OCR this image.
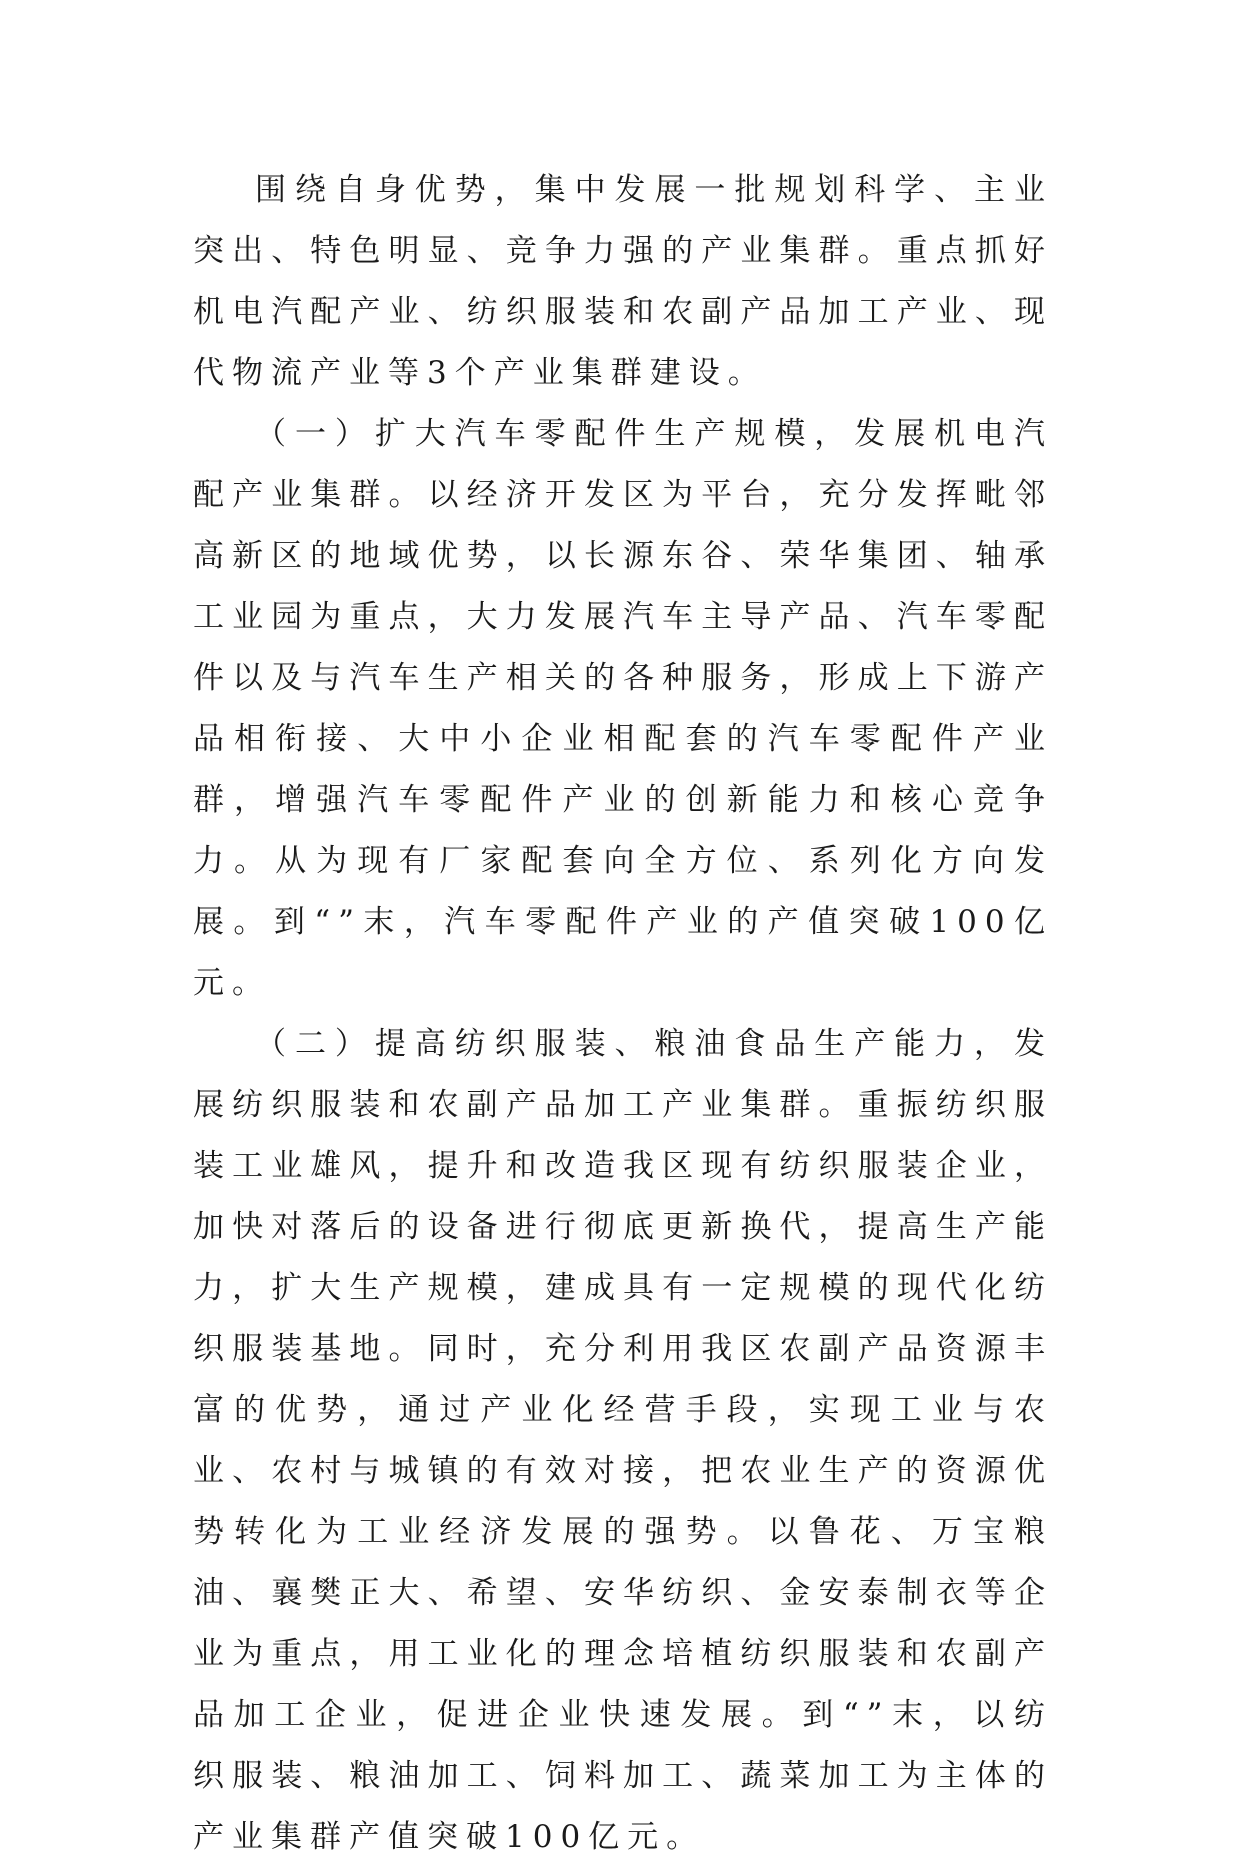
围绕自身优势，集中发展一批规划科学、主业突出、特色明显、竞争力强的产业集群。重点抓好机电汽配产业、纺织服装和农副产品加工产业、现代物流产业等3个产业集群建设。

（一）扩大汽车零配件生产规模，发展机电汽配产业集群。以经济开发区为平台，充分发挥毗邻高新区的地域优势，以长源东谷、荣华集团、轴承工业园为重点，大力发展汽车主导产品、汽车零配件以及与汽车生产相关的各种服务，形成上下游产品相衔接、大中小企业相配套的汽车零配件产业群，增强汽车零配件产业的创新能力和核心竞争力。从为现有厂家配套向全方位、系列化方向发展。到“”末，汽车零配件产业的产值突破100亿元。

（二）提高纺织服装、粮油食品生产能力，发展纺织服装和农副产品加工产业集群。重振纺织服装工业雄风，提升和改造我区现有纺织服装企业，加快对落后的设备进行彻底更新换代，提高生产能力，扩大生产规模，建成具有一定规模的现代化纺织服装基地。同时，充分利用我区农副产品资源丰富的优势，通过产业化经营手段，实现工业与农业、农村与城镇的有效对接，把农业生产的资源优势转化为工业经济发展的强势。以鲁花、万宝粮油、襄樊正大、希望、安华纺织、金安泰制衣等企业为重点，用工业化的理念培植纺织服装和农副产品加工企业，促进企业快速发展。到“”末，以纺织服装、粮油加工、饲料加工、蔬菜加工为主体的产业集群产值突破100亿元。
